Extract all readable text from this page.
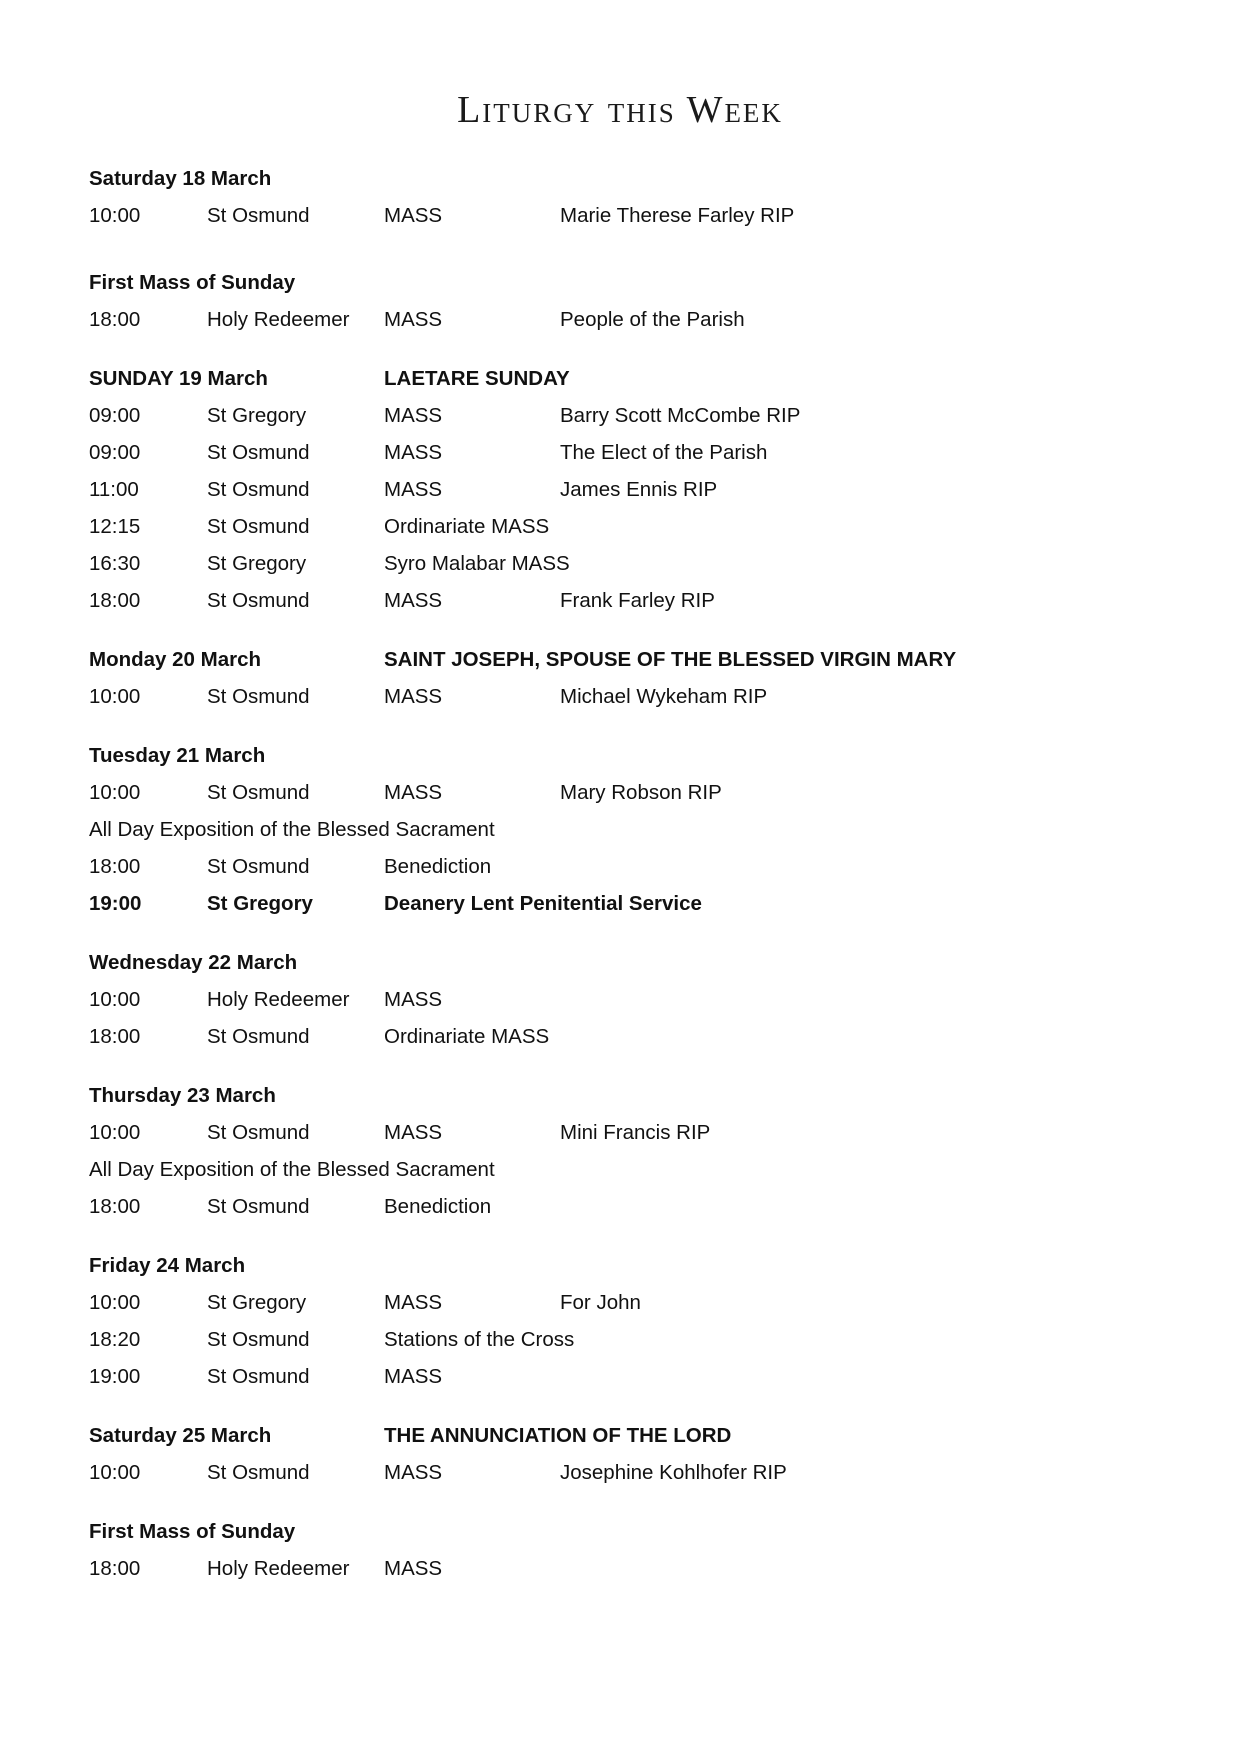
Liturgy this Week
Saturday 18 March
10:00	St Osmund	MASS	Marie Therese Farley RIP
First Mass of Sunday
18:00	Holy Redeemer MASS	People of the Parish
SUNDAY 19 March	LAETARE SUNDAY
09:00	St Gregory	MASS	Barry Scott McCombe RIP
09:00	St Osmund	MASS	The Elect of the Parish
11:00	St Osmund	MASS	James Ennis RIP
12:15	St Osmund	Ordinariate MASS
16:30	St Gregory	Syro Malabar MASS
18:00	St Osmund	MASS	Frank Farley RIP
Monday 20 March	SAINT JOSEPH, SPOUSE OF THE BLESSED VIRGIN MARY
10:00	St Osmund	MASS	Michael Wykeham RIP
Tuesday 21 March
10:00	St Osmund	MASS	Mary Robson RIP
All Day Exposition of the Blessed Sacrament
18:00	St Osmund	Benediction
19:00	St Gregory	Deanery Lent Penitential Service
Wednesday 22 March
10:00	Holy Redeemer MASS
18:00	St Osmund	Ordinariate MASS
Thursday 23 March
10:00	St Osmund	MASS	Mini Francis RIP
All Day Exposition of the Blessed Sacrament
18:00	St Osmund	Benediction
Friday 24 March
10:00	St Gregory	MASS	For John
18:20	St Osmund	Stations of the Cross
19:00	St Osmund	MASS
Saturday 25 March	THE ANNUNCIATION OF THE LORD
10:00	St Osmund	MASS	Josephine Kohlhofer RIP
First Mass of Sunday
18:00	Holy Redeemer MASS
